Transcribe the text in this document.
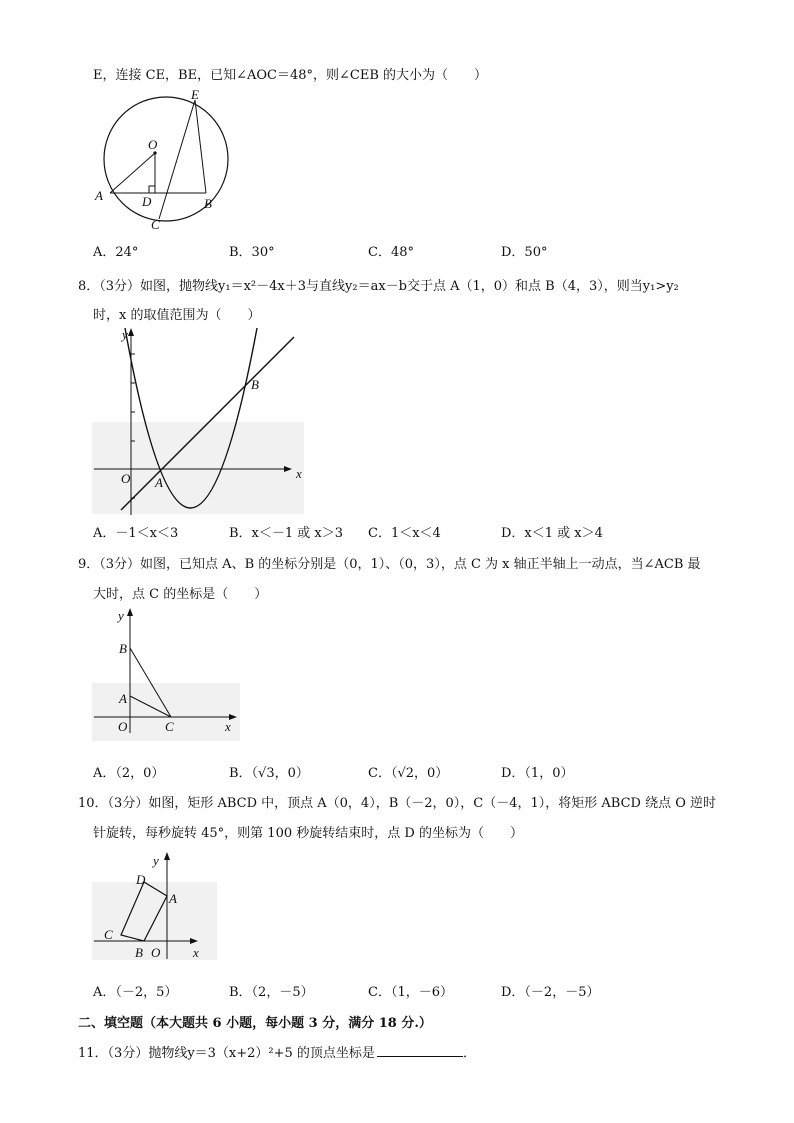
E，连接 CE，BE，已知∠AOC＝48°，则∠CEB 的大小为（　　）
O
E
A	D	B
C
A．24°	B．30°	C．48°	D．50°
8．（3分）如图，抛物线y₁＝x²－4x＋3与直线y₂＝ax－b交于点 A（1，0）和点 B（4，3），则当y₁>y₂
时，x 的取值范围为（　　）
y
x
O A
B
A．－1＜x＜3	B．x＜－1 或 x＞3 C．1＜x＜4	D．x＜1 或 x＞4
9．（3分）如图，已知点 A、B 的坐标分别是（0，1）、（0，3），点 C 为 x 轴正半轴上一动点，当∠ACB 最
大时，点 C 的坐标是（　　）
y
B
A
O	C	x
A．（2，0）	B．（√3，0）	C．（√2，0）	D．（1，0）
10．（3分）如图，矩形 ABCD 中，顶点 A（0，4），B（－2，0），C（－4，1），将矩形 ABCD 绕点 O 逆时
针旋转，每秒旋转 45°，则第 100 秒旋转结束时，点 D 的坐标为（　　）
y
D
A
C
B O	x
A．（－2，5）	B．（2，－5）	C．（1，－6）	D．（－2，－5）
二、填空题（本大题共 6 小题，每小题 3 分，满分 18 分.）
11．（3分）抛物线y＝3（x+2）²+5 的顶点坐标是	．
